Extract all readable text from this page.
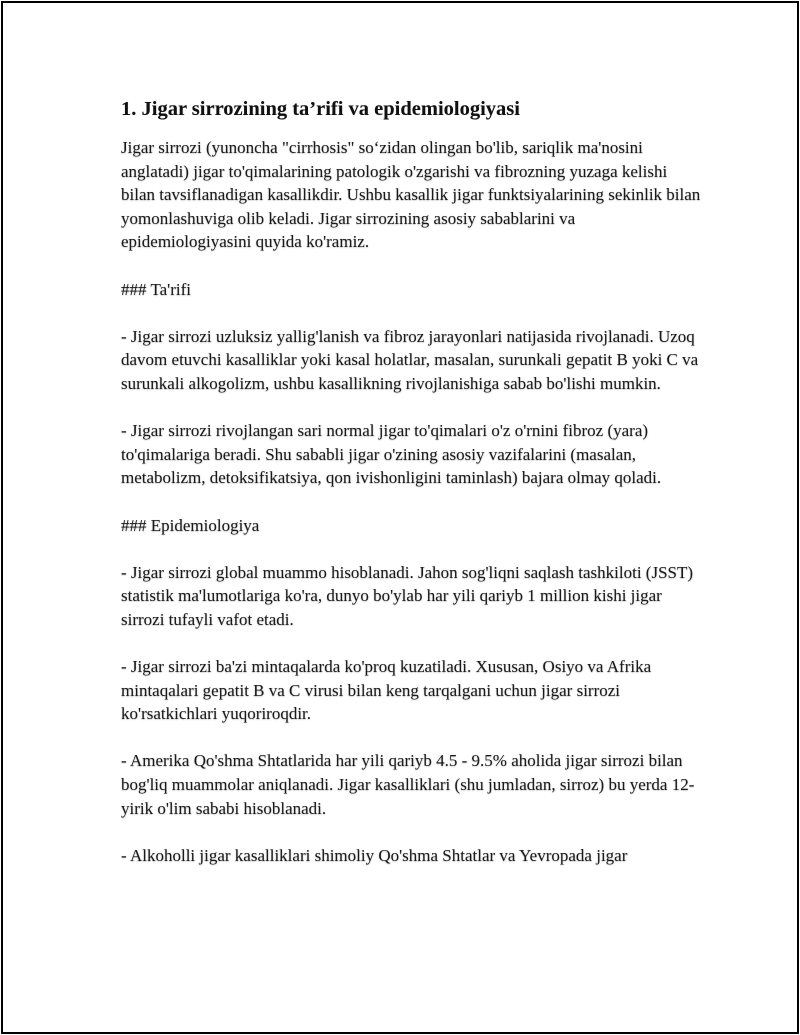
1. Jigar sirrozining ta’rifi va epidemiologiyasi

Jigar sirrozi (yunoncha "cirrhosis" so‘zidan olingan bo'lib, sariqlik ma'nosini anglatadi) jigar to'qimalarining patologik o'zgarishi va fibrozning yuzaga kelishi bilan tavsiflanadigan kasallikdir. Ushbu kasallik jigar funktsiyalarining sekinlik bilan yomonlashuviga olib keladi. Jigar sirrozining asosiy sabablarini va epidemiologiyasini quyida ko'ramiz.

### Ta'rifi

- Jigar sirrozi uzluksiz yallig'lanish va fibroz jarayonlari natijasida rivojlanadi. Uzoq davom etuvchi kasalliklar yoki kasal holatlar, masalan, surunkali gepatit B yoki C va surunkali alkogolizm, ushbu kasallikning rivojlanishiga sabab bo'lishi mumkin.

- Jigar sirrozi rivojlangan sari normal jigar to'qimalari o'z o'rnini fibroz (yara) to'qimalariga beradi. Shu sababli jigar o'zining asosiy vazifalarini (masalan, metabolizm, detoksifikatsiya, qon ivishonligini taminlash) bajara olmay qoladi.

### Epidemiologiya

- Jigar sirrozi global muammo hisoblanadi. Jahon sog'liqni saqlash tashkiloti (JSST) statistik ma'lumotlariga ko'ra, dunyo bo'ylab har yili qariyb 1 million kishi jigar sirrozi tufayli vafot etadi.

- Jigar sirrozi ba'zi mintaqalarda ko'proq kuzatiladi. Xususan, Osiyo va Afrika mintaqalari gepatit B va C virusi bilan keng tarqalgani uchun jigar sirrozi ko'rsatkichlari yuqoriroqdir.

- Amerika Qo'shma Shtatlarida har yili qariyb 4.5 - 9.5% aholida jigar sirrozi bilan bog'liq muammolar aniqlanadi. Jigar kasalliklari (shu jumladan, sirroz) bu yerda 12-yirik o'lim sababi hisoblanadi.

- Alkoholli jigar kasalliklari shimoliy Qo'shma Shtatlar va Yevropada jigar
